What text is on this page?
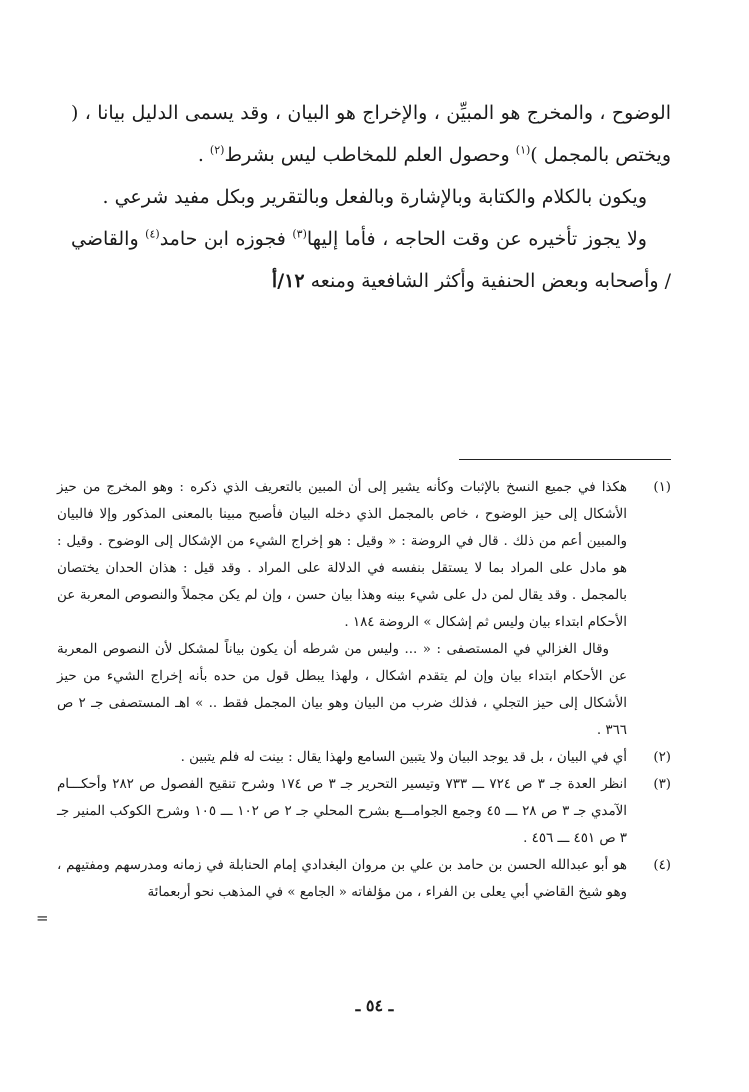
الوضوح ، والمخرج هو المبيِّن ، والإخراج هو البيان ، وقد يسمى الدليل بيانا ، ( ويختص بالمجمل )$^{(١)}$ وحصول العلم للمخاطب ليس بشرط$^{(٢)}$ .

ويكون بالكلام والكتابة وبالإشارة وبالفعل وبالتقرير وبكل مفيد شرعي .

ولا يجوز تأخيره عن وقت الحاجه ، فأما إليها$^{(٣)}$ فجوزه ابن حامد$^{(٤)}$ والقاضي / وأصحابه وبعض الحنفية وأكثر الشافعية ومنعه ١٢/أ

(١)

هكذا في جميع النسخ بالإثبات وكأنه يشير إلى أن المبين بالتعريف الذي ذكره : وهو المخرج من حيز الأشكال إلى حيز الوضوح ، خاص بالمجمل الذي دخله البيان فأصبح مبينا بالمعنى المذكور وإلا فالبيان والمبين أعم من ذلك . قال في الروضة : « وقيل : هو إخراج الشيء من الإشكال إلى الوضوح . وقيل : هو مادل على المراد بما لا يستقل بنفسه في الدلالة على المراد . وقد قيل : هذان الحدان يختصان بالمجمل . وقد يقال لمن دل على شيء بينه وهذا بيان حسن ، وإن لم يكن مجملاً والنصوص المعربة عن الأحكام ابتداء بيان وليس ثم إشكال » الروضة ١٨٤ .

وقال الغزالي في المستصفى : « ... وليس من شرطه أن يكون بياناً لمشكل لأن النصوص المعربة عن الأحكام ابتداء بيان وإن لم يتقدم اشكال ، ولهذا يبطل قول من حده بأنه إخراج الشيء من حيز الأشكال إلى حيز التجلي ، فذلك ضرب من البيان وهو بيان المجمل فقط .. » اهـ المستصفى جـ ٢ ص ٣٦٦ .

(٢)

أي في البيان ، بل قد يوجد البيان ولا يتبين السامع ولهذا يقال : بينت له فلم يتبين .

(٣)

انظر العدة جـ ٣ ص ٧٢٤ ـــ ٧٣٣ وتيسير التحرير جـ ٣ ص ١٧٤ وشرح تنقيح الفصول ص ٢٨٢ وأحكـــام الآمدي جـ ٣ ص ٢٨ ـــ ٤٥ وجمع الجوامـــع بشرح المحلي جـ ٢ ص ١٠٢ ـــ ١٠٥ وشرح الكوكب المنير جـ ٣ ص ٤٥١ ـــ ٤٥٦ .

(٤)

هو أبو عبدالله الحسن بن حامد بن علي بن مروان البغدادي إمام الحنابلة في زمانه ومدرسهم ومفتيهم ، وهو شيخ القاضي أبي يعلى بن الفراء ، من مؤلفاته « الجامع » في المذهب نحو أربعمائة

=
ـ ٥٤ ـ
